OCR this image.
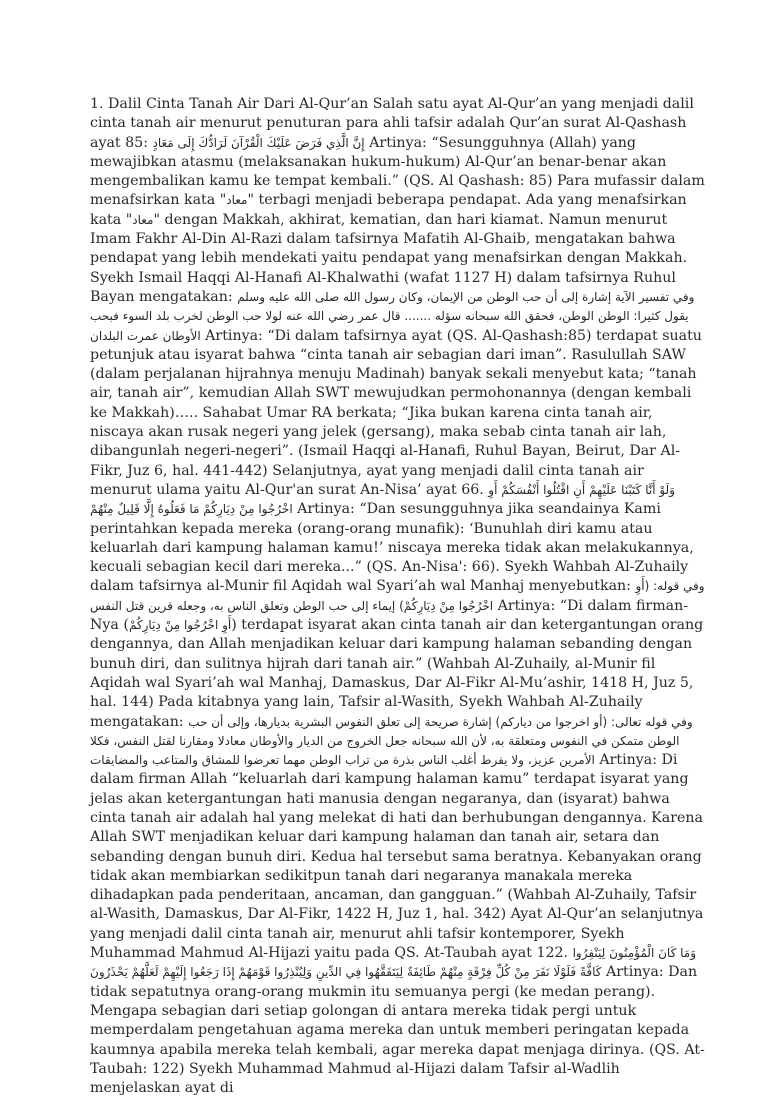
1. Dalil Cinta Tanah Air Dari Al-Qur’an Salah satu ayat Al-Qur’an yang menjadi dalil cinta tanah air menurut penuturan para ahli tafsir adalah Qur’an surat Al-Qashash ayat 85: إِنَّ الَّذِي فَرَضَ عَلَيْكَ الْقُرْآنَ لَرَادُّكَ إِلَى مَعَادٍ Artinya: “Sesungguhnya (Allah) yang mewajibkan atasmu (melaksanakan hukum-hukum) Al-Qur’an benar-benar akan mengembalikan kamu ke tempat kembali.” (QS. Al Qashash: 85) Para mufassir dalam menafsirkan kata "معاد" terbagi menjadi beberapa pendapat. Ada yang menafsirkan kata "معاد" dengan Makkah, akhirat, kematian, dan hari kiamat. Namun menurut Imam Fakhr Al-Din Al-Razi dalam tafsirnya Mafatih Al-Ghaib, mengatakan bahwa pendapat yang lebih mendekati yaitu pendapat yang menafsirkan dengan Makkah. Syekh Ismail Haqqi Al-Hanafi Al-Khalwathi (wafat 1127 H) dalam tafsirnya Ruhul Bayan mengatakan: وفي تفسير الآية إشارة إلى أن حب الوطن من الإيمان، وكان رسول الله صلى الله عليه وسلم يقول كثيرا: الوطن الوطن، فحقق الله سبحانه سؤله ....... قال عمر رضي الله عنه لولا حب الوطن لخرب بلد السوء فبحب الأوطان عمرت البلدان Artinya: “Di dalam tafsirnya ayat (QS. Al-Qashash:85) terdapat suatu petunjuk atau isyarat bahwa “cinta tanah air sebagian dari iman”. Rasulullah SAW (dalam perjalanan hijrahnya menuju Madinah) banyak sekali menyebut kata; “tanah air, tanah air”, kemudian Allah SWT mewujudkan permohonannya (dengan kembali ke Makkah)….. Sahabat Umar RA berkata; “Jika bukan karena cinta tanah air, niscaya akan rusak negeri yang jelek (gersang), maka sebab cinta tanah air lah, dibangunlah negeri-negeri”. (Ismail Haqqi al-Hanafi, Ruhul Bayan, Beirut, Dar Al-Fikr, Juz 6, hal. 441-442) Selanjutnya, ayat yang menjadi dalil cinta tanah air menurut ulama yaitu Al-Qur'an surat An-Nisa’ ayat 66. وَلَوْ أَنَّا كَتَبْنَا عَلَيْهِمْ أَنِ اقْتُلُوا أَنْفُسَكُمْ أَوِ اخْرُجُوا مِنْ دِيَارِكُمْ مَا فَعَلُوهُ إِلَّا قَلِيلٌ مِنْهُمْ Artinya: “Dan sesungguhnya jika seandainya Kami perintahkan kepada mereka (orang-orang munafik): ‘Bunuhlah diri kamu atau keluarlah dari kampung halaman kamu!’ niscaya mereka tidak akan melakukannya, kecuali sebagian kecil dari mereka...” (QS. An-Nisa': 66). Syekh Wahbah Al-Zuhaily dalam tafsirnya al-Munir fil Aqidah wal Syari’ah wal Manhaj menyebutkan: وفي قوله: (أَوِ اخْرُجُوا مِنْ دِيَارِكُمْ) إيماء إلى حب الوطن وتعلق الناس به، وجعله قرين قتل النفس Artinya: “Di dalam firman-Nya (أَوِ اخْرُجُوا مِنْ دِيَارِكُمْ) terdapat isyarat akan cinta tanah air dan ketergantungan orang dengannya, dan Allah menjadikan keluar dari kampung halaman sebanding dengan bunuh diri, dan sulitnya hijrah dari tanah air.” (Wahbah Al-Zuhaily, al-Munir fil Aqidah wal Syari’ah wal Manhaj, Damaskus, Dar Al-Fikr Al-Mu’ashir, 1418 H, Juz 5, hal. 144) Pada kitabnya yang lain, Tafsir al-Wasith, Syekh Wahbah Al-Zuhaily mengatakan: وفي قوله تعالى: (أو اخرجوا من دياركم) إشارة صريحة إلى تعلق النفوس البشرية بديارها، وإلى أن حب الوطن متمكن في النفوس ومتعلقة به، لأن الله سبحانه جعل الخروج من الديار والأوطان معادلا ومقارنا لقتل النفس، فكلا الأمرين عزيز، ولا يفرط أغلب الناس بذرة من تراب الوطن مهما تعرضوا للمشاق والمتاعب والمضايقات Artinya: Di dalam firman Allah “keluarlah dari kampung halaman kamu” terdapat isyarat yang jelas akan ketergantungan hati manusia dengan negaranya, dan (isyarat) bahwa cinta tanah air adalah hal yang melekat di hati dan berhubungan dengannya. Karena Allah SWT menjadikan keluar dari kampung halaman dan tanah air, setara dan sebanding dengan bunuh diri. Kedua hal tersebut sama beratnya. Kebanyakan orang tidak akan membiarkan sedikitpun tanah dari negaranya manakala mereka dihadapkan pada penderitaan, ancaman, dan gangguan.” (Wahbah Al-Zuhaily, Tafsir al-Wasith, Damaskus, Dar Al-Fikr, 1422 H, Juz 1, hal. 342) Ayat Al-Qur’an selanjutnya yang menjadi dalil cinta tanah air, menurut ahli tafsir kontemporer, Syekh Muhammad Mahmud Al-Hijazi yaitu pada QS. At-Taubah ayat 122. وَمَا كَانَ الْمُؤْمِنُونَ لِيَنْفِرُوا كَافَّةً فَلَوْلَا نَفَرَ مِنْ كُلِّ فِرْقَةٍ مِنْهُمْ طَائِفَةٌ لِيَتَفَقَّهُوا فِي الدِّينِ وَلِيُنْذِرُوا قَوْمَهُمْ إِذَا رَجَعُوا إِلَيْهِمْ لَعَلَّهُمْ يَحْذَرُونَ Artinya: Dan tidak sepatutnya orang-orang mukmin itu semuanya pergi (ke medan perang). Mengapa sebagian dari setiap golongan di antara mereka tidak pergi untuk memperdalam pengetahuan agama mereka dan untuk memberi peringatan kepada kaumnya apabila mereka telah kembali, agar mereka dapat menjaga dirinya. (QS. At-Taubah: 122) Syekh Muhammad Mahmud al-Hijazi dalam Tafsir al-Wadlih menjelaskan ayat di
